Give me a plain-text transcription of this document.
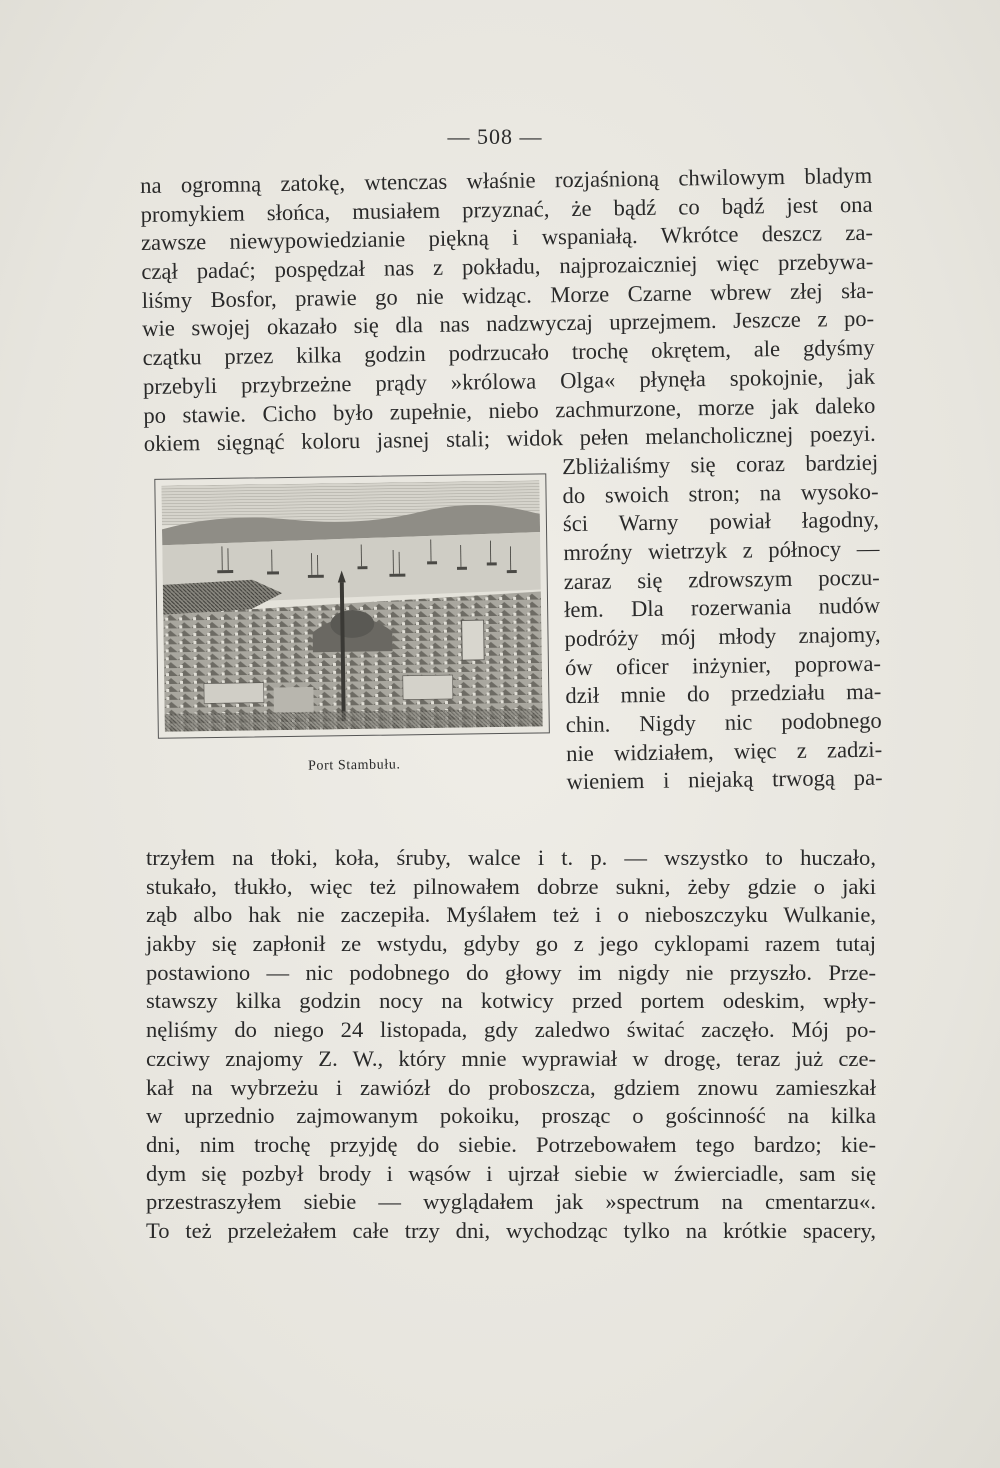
— 508 —
na ogromną zatokę, wtenczas właśnie rozjaśnioną chwilowym bladym
promykiem słońca, musiałem przyznać, że bądź co bądź jest ona
zawsze niewypowiedzianie piękną i wspaniałą. Wkrótce deszcz za-
czął padać; pospędzał nas z pokładu, najprozaiczniej więc przebywa-
liśmy Bosfor, prawie go nie widząc. Morze Czarne wbrew złej sła-
wie swojej okazało się dla nas nadzwyczaj uprzejmem. Jeszcze z po-
czątku przez kilka godzin podrzucało trochę okrętem, ale gdyśmy
przebyli przybrzeżne prądy »królowa Olga« płynęła spokojnie, jak
po stawie. Cicho było zupełnie, niebo zachmurzone, morze jak daleko
okiem sięgnąć koloru jasnej stali; widok pełen melancholicznej poezyi.
Port Stambułu.
Zbliżaliśmy się coraz bardziej
do swoich stron; na wysoko-
ści Warny powiał łagodny,
mroźny wietrzyk z północy —
zaraz się zdrowszym poczu-
łem. Dla rozerwania nudów
podróży mój młody znajomy,
ów oficer inżynier, poprowa-
dził mnie do przedziału ma-
chin. Nigdy nic podobnego
nie widziałem, więc z zadzi-
wieniem i niejaką trwogą pa-
trzyłem na tłoki, koła, śruby, walce i t. p. — wszystko to huczało,
stukało, tłukło, więc też pilnowałem dobrze sukni, żeby gdzie o jaki
ząb albo hak nie zaczepiła. Myślałem też i o nieboszczyku Wulkanie,
jakby się zapłonił ze wstydu, gdyby go z jego cyklopami razem tutaj
postawiono — nic podobnego do głowy im nigdy nie przyszło. Prze-
stawszy kilka godzin nocy na kotwicy przed portem odeskim, wpły-
nęliśmy do niego 24 listopada, gdy zaledwo świtać zaczęło. Mój po-
czciwy znajomy Z. W., który mnie wyprawiał w drogę, teraz już cze-
kał na wybrzeżu i zawiózł do proboszcza, gdziem znowu zamieszkał
w uprzednio zajmowanym pokoiku, prosząc o gościnność na kilka
dni, nim trochę przyjdę do siebie. Potrzebowałem tego bardzo; kie-
dym się pozbył brody i wąsów i ujrzał siebie w źwierciadle, sam się
przestraszyłem siebie — wyglądałem jak »spectrum na cmentarzu«.
To też przeleżałem całe trzy dni, wychodząc tylko na krótkie spacery,
